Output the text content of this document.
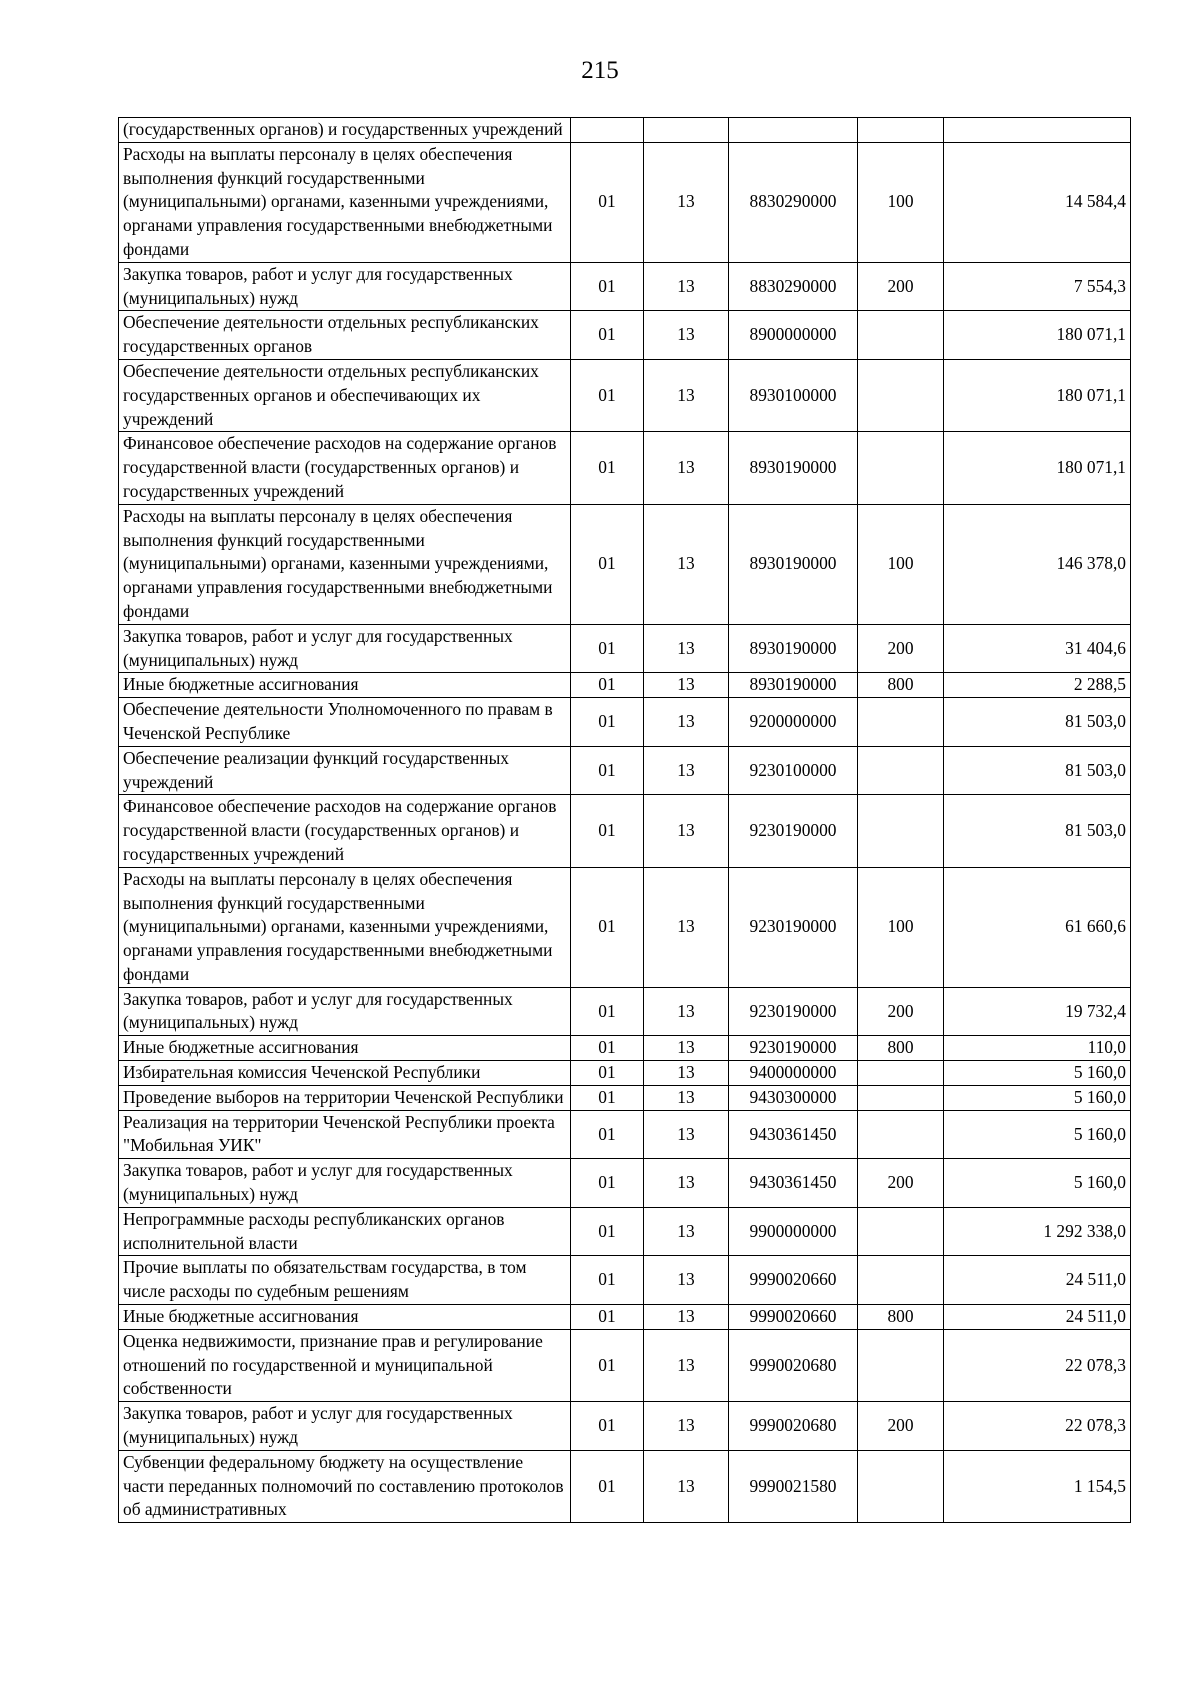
215
(государственных органов) и государственных учреждений					
Расходы на выплаты персоналу в целях обеспечения выполнения функций государственными (муниципальными) органами, казенными учреждениями, органами управления государственными внебюджетными фондами	01	13	8830290000	100	14 584,4
Закупка товаров, работ и услуг для государственных (муниципальных) нужд	01	13	8830290000	200	7 554,3
Обеспечение деятельности отдельных республиканских государственных органов	01	13	8900000000		180 071,1
Обеспечение деятельности отдельных республиканских государственных органов и обеспечивающих их учреждений	01	13	8930100000		180 071,1
Финансовое обеспечение расходов на содержание органов государственной власти (государственных органов) и государственных учреждений	01	13	8930190000		180 071,1
Расходы на выплаты персоналу в целях обеспечения выполнения функций государственными (муниципальными) органами, казенными учреждениями, органами управления государственными внебюджетными фондами	01	13	8930190000	100	146 378,0
Закупка товаров, работ и услуг для государственных (муниципальных) нужд	01	13	8930190000	200	31 404,6
Иные бюджетные ассигнования	01	13	8930190000	800	2 288,5
Обеспечение деятельности Уполномоченного по правам в Чеченской Республике	01	13	9200000000		81 503,0
Обеспечение реализации функций государственных учреждений	01	13	9230100000		81 503,0
Финансовое обеспечение расходов на содержание органов государственной власти (государственных органов) и государственных учреждений	01	13	9230190000		81 503,0
Расходы на выплаты персоналу в целях обеспечения выполнения функций государственными (муниципальными) органами, казенными учреждениями, органами управления государственными внебюджетными фондами	01	13	9230190000	100	61 660,6
Закупка товаров, работ и услуг для государственных (муниципальных) нужд	01	13	9230190000	200	19 732,4
Иные бюджетные ассигнования	01	13	9230190000	800	110,0
Избирательная комиссия Чеченской Республики	01	13	9400000000		5 160,0
Проведение выборов на территории Чеченской Республики	01	13	9430300000		5 160,0
Реализация на территории Чеченской Республики проекта "Мобильная УИК"	01	13	9430361450		5 160,0
Закупка товаров, работ и услуг для государственных (муниципальных) нужд	01	13	9430361450	200	5 160,0
Непрограммные расходы республиканских органов исполнительной власти	01	13	9900000000		1 292 338,0
Прочие выплаты по обязательствам государства, в том числе расходы по судебным решениям	01	13	9990020660		24 511,0
Иные бюджетные ассигнования	01	13	9990020660	800	24 511,0
Оценка недвижимости, признание прав и регулирование отношений по государственной и муниципальной собственности	01	13	9990020680		22 078,3
Закупка товаров, работ и услуг для государственных (муниципальных) нужд	01	13	9990020680	200	22 078,3
Субвенции федеральному бюджету на осуществление части переданных полномочий по составлению протоколов об административных	01	13	9990021580		1 154,5
